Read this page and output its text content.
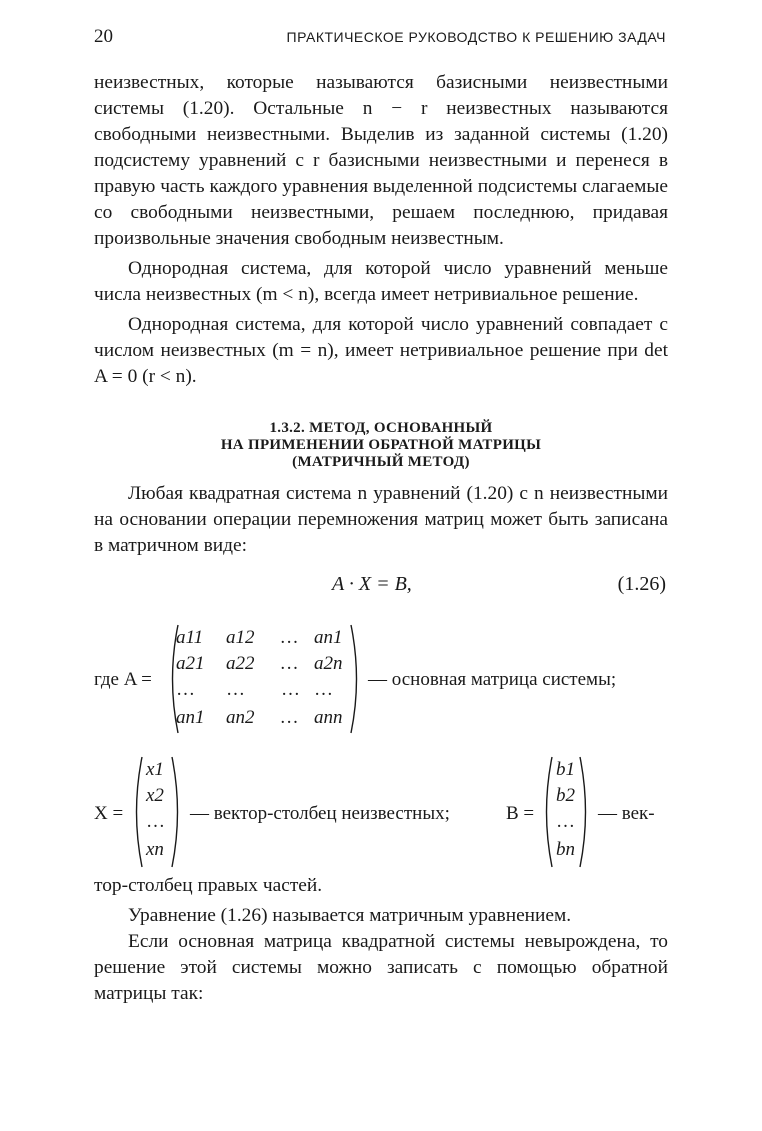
20	ПРАКТИЧЕСКОЕ РУКОВОДСТВО К РЕШЕНИЮ ЗАДАЧ

неизвестных, которые называются базисными неизвестными системы (1.20). Остальные n − r неизвестных называются свободными неизвестными. Выделив из заданной системы (1.20) подсистему уравнений с r базисными неизвестными и перенеся в правую часть каждого уравнения выделенной подсистемы слагаемые со свободными неизвестными, решаем последнюю, придавая произвольные значения свободным неизвестным.

Однородная система, для которой число уравнений меньше числа неизвестных (m < n), всегда имеет нетривиальное решение.

Однородная система, для которой число уравнений совпадает с числом неизвестных (m = n), имеет нетривиальное решение при det A = 0 (r < n).

1.3.2. МЕТОД, ОСНОВАННЫЙ
НА ПРИМЕНЕНИИ ОБРАТНОЙ МАТРИЦЫ
(МАТРИЧНЫЙ МЕТОД)

Любая квадратная система n уравнений (1.20) с n неизвестными на основании операции перемножения матриц может быть записана в матричном виде:

A · X = B,	(1.26)
где A =
a11 a12 … an1
a21 a22 … a2n
… … … …
an1 an2 … ann
— основная матрица системы;
X =
x1
x2
…
xn
— вектор-столбец неизвестных;	B =
b1
b2
…
bn
— век-

тор-столбец правых частей.

Уравнение (1.26) называется матричным уравнением.

Если основная матрица квадратной системы невырождена, то решение этой системы можно записать с помощью обратной матрицы так:
